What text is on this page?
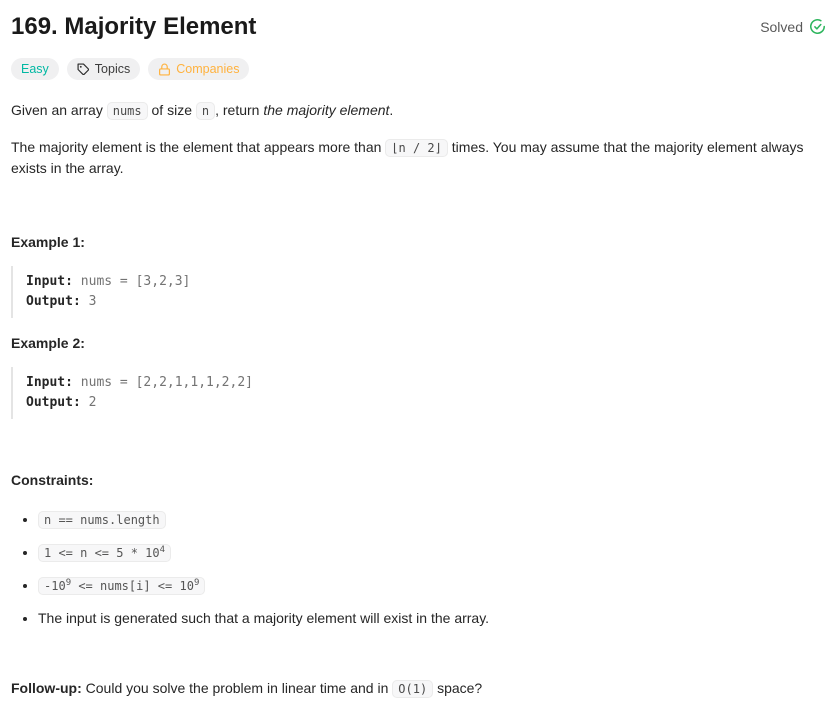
169. Majority Element	Solved
Easy	Topics	Companies

Given an array nums of size n , return the majority element.

The majority element is the element that appears more than ⌊n / 2⌋ times. You may assume that the majority element always exists in the array.

Example 1:

Input: nums = [3,2,3]
Output: 3

Example 2:

Input: nums = [2,2,1,1,1,2,2]
Output: 2

Constraints:

• n == nums.length
• $1 <= n <= 5 * 10^4$
• $-10^9$ <= nums[i] <= $10^9$
• The input is generated such that a majority element will exist in the array.

Follow-up: Could you solve the problem in linear time and in O(1) space?
